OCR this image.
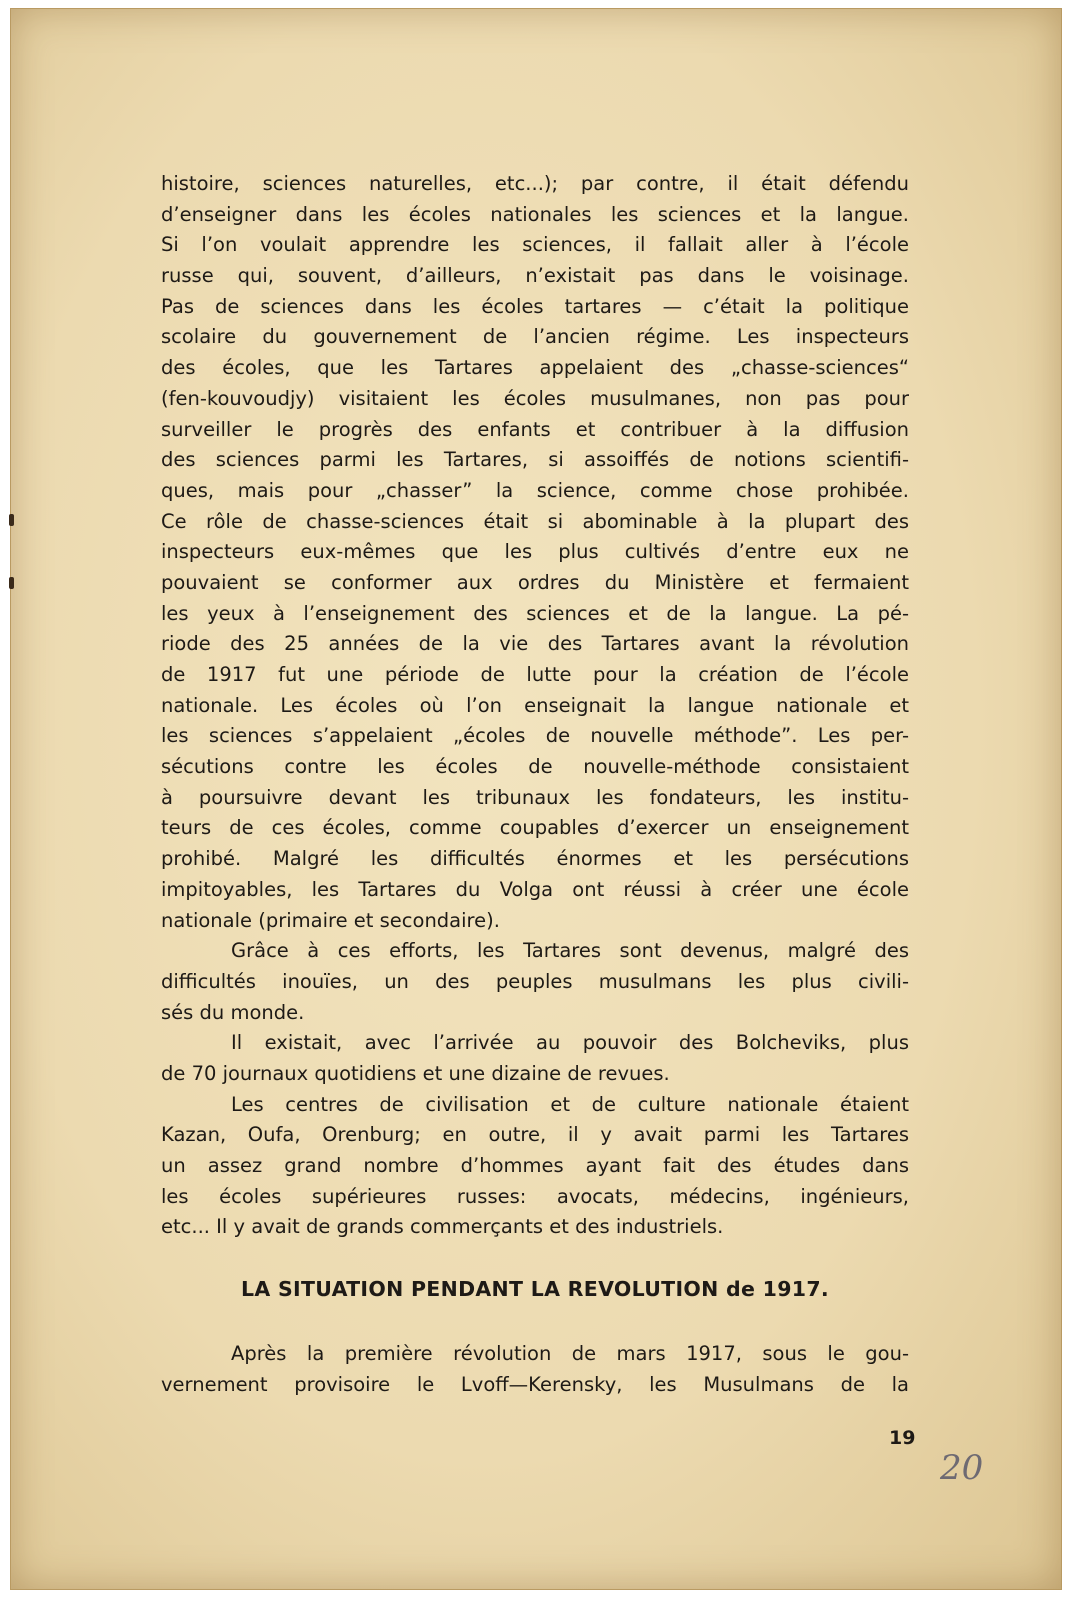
histoire, sciences naturelles, etc...); par contre, il était défendu
d’enseigner dans les écoles nationales les sciences et la langue.
Si l’on voulait apprendre les sciences, il fallait aller à l’école
russe qui, souvent, d’ailleurs, n’existait pas dans le voisinage.
Pas de sciences dans les écoles tartares — c’était la politique
scolaire du gouvernement de l’ancien régime. Les inspecteurs
des écoles, que les Tartares appelaient des „chasse-sciences“
(fen-kouvoudjy) visitaient les écoles musulmanes, non pas pour
surveiller le progrès des enfants et contribuer à la diffusion
des sciences parmi les Tartares, si assoiffés de notions scientifi-
ques, mais pour „chasser” la science, comme chose prohibée.
Ce rôle de chasse-sciences était si abominable à la plupart des
inspecteurs eux-mêmes que les plus cultivés d’entre eux ne
pouvaient se conformer aux ordres du Ministère et fermaient
les yeux à l’enseignement des sciences et de la langue. La pé-
riode des 25 années de la vie des Tartares avant la révolution
de 1917 fut une période de lutte pour la création de l’école
nationale. Les écoles où l’on enseignait la langue nationale et
les sciences s’appelaient „écoles de nouvelle méthode”. Les per-
sécutions contre les écoles de nouvelle-méthode consistaient
à poursuivre devant les tribunaux les fondateurs, les institu-
teurs de ces écoles, comme coupables d’exercer un enseignement
prohibé. Malgré les difficultés énormes et les persécutions
impitoyables, les Tartares du Volga ont réussi à créer une école
nationale (primaire et secondaire).
Grâce à ces efforts, les Tartares sont devenus, malgré des
difficultés inouïes, un des peuples musulmans les plus civili-
sés du monde.
Il existait, avec l’arrivée au pouvoir des Bolcheviks, plus
de 70 journaux quotidiens et une dizaine de revues.
Les centres de civilisation et de culture nationale étaient
Kazan, Oufa, Orenburg; en outre, il y avait parmi les Tartares
un assez grand nombre d’hommes ayant fait des études dans
les écoles supérieures russes: avocats, médecins, ingénieurs,
etc... Il y avait de grands commerçants et des industriels.
LA SITUATION PENDANT LA REVOLUTION de 1917.
Après la première révolution de mars 1917, sous le gou-
vernement provisoire le Lvoff—Kerensky, les Musulmans de la
19
20
